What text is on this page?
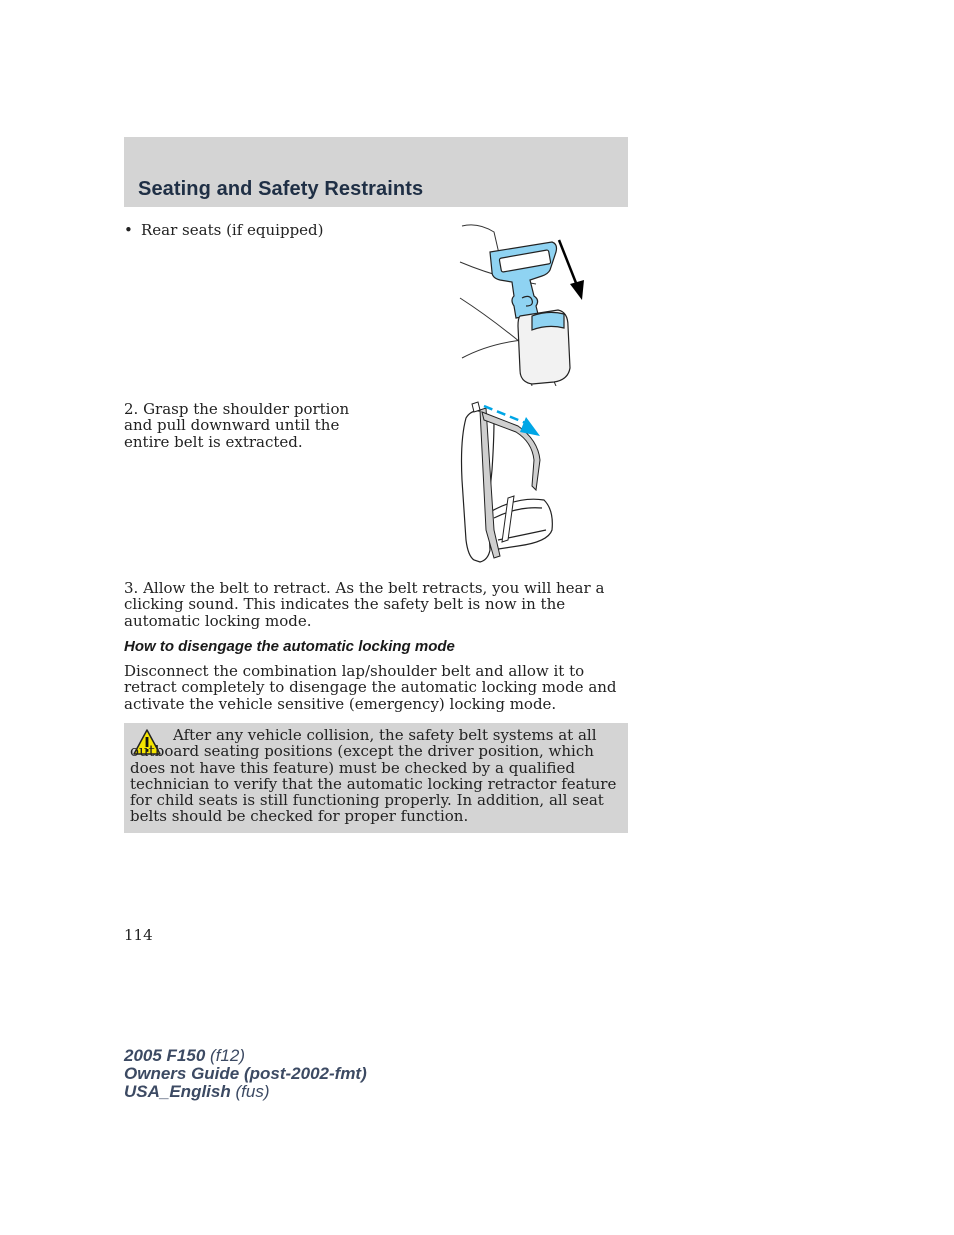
Seating and Safety Restraints

• Rear seats (if equipped)

2. Grasp the shoulder portion and pull downward until the entire belt is extracted.

3. Allow the belt to retract. As the belt retracts, you will hear a clicking sound. This indicates the safety belt is now in the automatic locking mode.

How to disengage the automatic locking mode

Disconnect the combination lap/shoulder belt and allow it to retract completely to disengage the automatic locking mode and activate the vehicle sensitive (emergency) locking mode.

After any vehicle collision, the safety belt systems at all outboard seating positions (except the driver position, which does not have this feature) must be checked by a qualified technician to verify that the automatic locking retractor feature for child seats is still functioning properly. In addition, all seat belts should be checked for proper function.

114

2005 F150 (f12)
Owners Guide (post-2002-fmt)
USA_English (fus)
